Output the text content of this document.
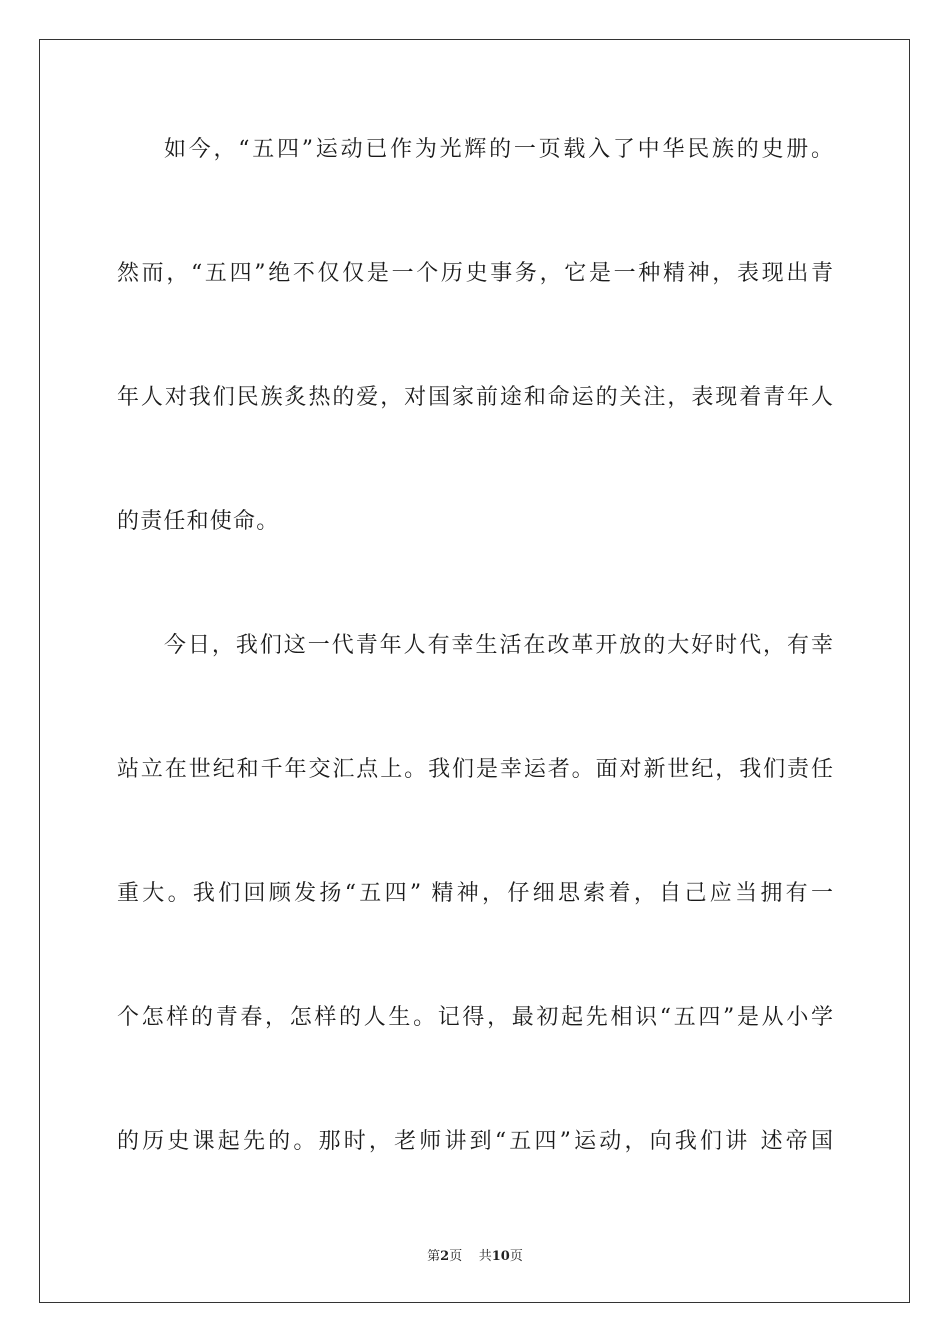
如今，“五四”运动已作为光辉的一页载入了中华民族的史册。
然而，“五四”绝不仅仅是一个历史事务，它是一种精神，表现出青
年人对我们民族炙热的爱，对国家前途和命运的关注，表现着青年人
的责任和使命。
今日，我们这一代青年人有幸生活在改革开放的大好时代，有幸
站立在世纪和千年交汇点上。我们是幸运者。面对新世纪，我们责任
重大。我们回顾发扬“五四” 精神，仔细思索着，自己应当拥有一
个怎样的青春，怎样的人生。记得，最初起先相识“五四”是从小学
的历史课起先的。那时，老师讲到“五四”运动，向我们讲 述帝国
第2页 共10页
